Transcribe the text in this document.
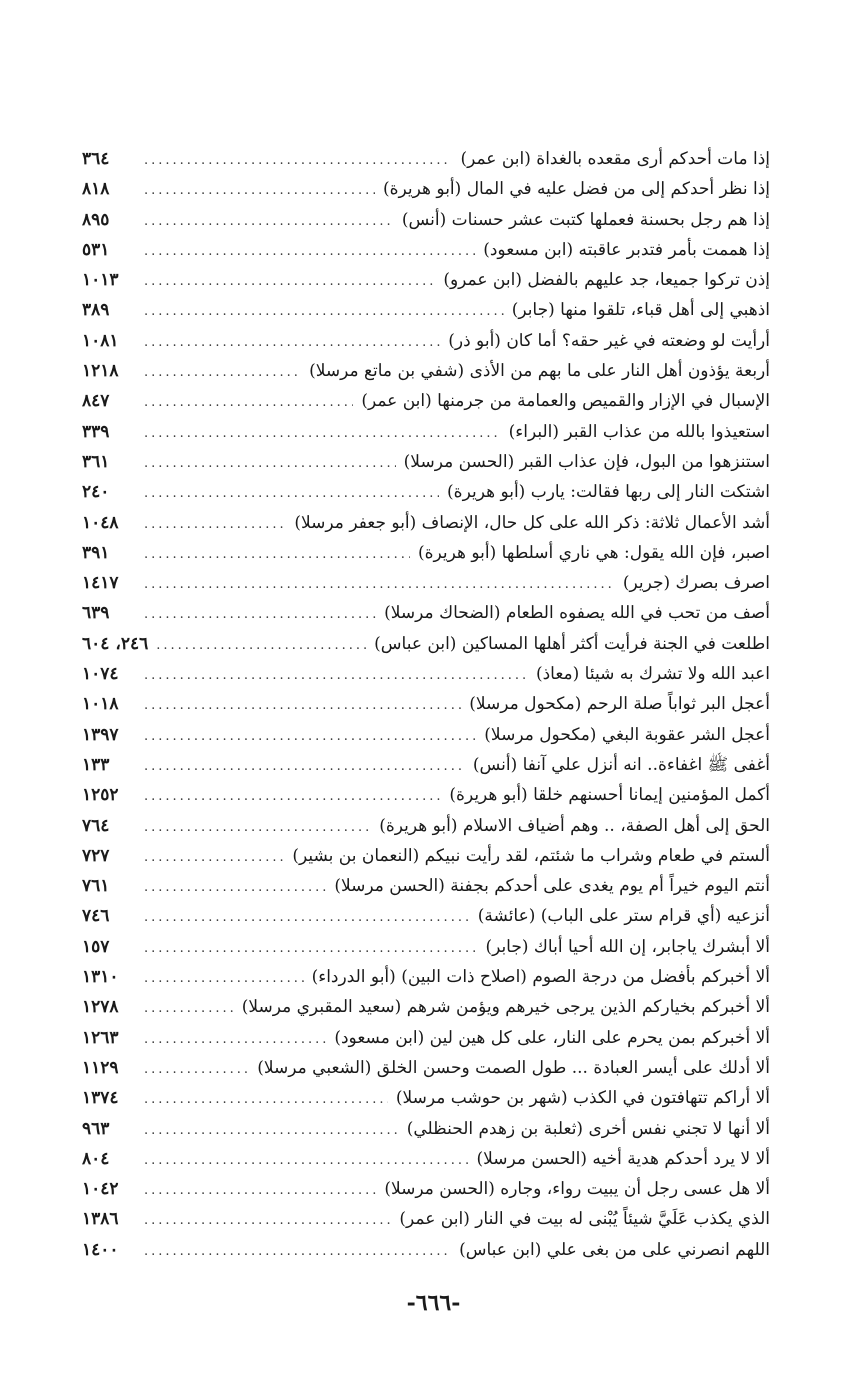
إذا مات أحدكم أرى مقعده بالغداة (ابن عمر)
.....
٣٦٤
إذا نظر أحدكم إلى من فضل عليه في المال (أبو هريرة)
.....
٨١٨
إذا هم رجل بحسنة فعملها كتبت عشر حسنات (أنس)
.....
٨٩٥
إذا هممت بأمر فتدبر عاقبته (ابن مسعود)
.....
٥٣١
إذن تركوا جميعا، جد عليهم بالفضل (ابن عمرو)
.....
١٠١٣
اذهبي إلى أهل قباء، تلقوا منها (جابر)
.....
٣٨٩
أرأيت لو وضعته في غير حقه؟ أما كان (أبو ذر)
.....
١٠٨١
أربعة يؤذون أهل النار على ما بهم من الأذى (شفي بن ماتع مرسلا)
.....
١٢١٨
الإسبال في الإزار والقميص والعمامة من جرمنها (ابن عمر)
.....
٨٤٧
استعيذوا بالله من عذاب القبر (البراء)
.....
٣٣٩
استنزهوا من البول، فإن عذاب القبر (الحسن مرسلا)
.....
٣٦١
اشتكت النار إلى ربها فقالت: يارب (أبو هريرة)
.....
٢٤٠
أشد الأعمال ثلاثة: ذكر الله على كل حال، الإنصاف (أبو جعفر مرسلا)
.....
١٠٤٨
اصبر، فإن الله يقول: هي ناري أسلطها (أبو هريرة)
.....
٣٩١
اصرف بصرك (جرير)
.....
١٤١٧
أصف من تحب في الله يصفوه الطعام (الضحاك مرسلا)
.....
٦٣٩
اطلعت في الجنة فرأيت أكثر أهلها المساكين (ابن عباس)
.....
٢٤٦، ٦٠٤
اعبد الله ولا تشرك به شيئا (معاذ)
.....
١٠٧٤
أعجل البر ثواباً صلة الرحم (مكحول مرسلا)
.....
١٠١٨
أعجل الشر عقوبة البغي (مكحول مرسلا)
.....
١٣٩٧
أغفى ﷺ اغفاءة.. انه أنزل علي آنفا (أنس)
.....
١٣٣
أكمل المؤمنين إيمانا أحسنهم خلقا (أبو هريرة)
.....
١٢٥٢
الحق إلى أهل الصفة، .. وهم أضياف الاسلام (أبو هريرة)
.....
٧٦٤
ألستم في طعام وشراب ما شئتم، لقد رأيت نبيكم (النعمان بن بشير)
.....
٧٢٧
أنتم اليوم خيراً أم يوم يغدى على أحدكم بجفنة (الحسن مرسلا)
.....
٧٦١
أنزعيه (أي قرام ستر على الباب) (عائشة)
.....
٧٤٦
ألا أبشرك ياجابر، إن الله أحيا أباك (جابر)
.....
١٥٧
ألا أخبركم بأفضل من درجة الصوم (اصلاح ذات البين) (أبو الدرداء)
.....
١٣١٠
ألا أخبركم بخياركم الذين يرجى خيرهم ويؤمن شرهم (سعيد المقبري مرسلا)
.....
١٢٧٨
ألا أخبركم بمن يحرم على النار، على كل هين لين (ابن مسعود)
.....
١٢٦٣
ألا أدلك على أيسر العبادة ... طول الصمت وحسن الخلق (الشعبي مرسلا)
.....
١١٢٩
ألا أراكم تتهافتون في الكذب (شهر بن حوشب مرسلا)
.....
١٣٧٤
ألا أنها لا تجني نفس أخرى (ثعلبة بن زهدم الحنظلي)
.....
٩٦٣
ألا لا يرد أحدكم هدية أخيه (الحسن مرسلا)
.....
٨٠٤
ألا هل عسى رجل أن يبيت رواء، وجاره (الحسن مرسلا)
.....
١٠٤٢
الذي يكذب عَلَيَّ شيئاً يُبْنى له بيت في النار (ابن عمر)
.....
١٣٨٦
اللهم انصرني على من بغى علي (ابن عباس)
.....
١٤٠٠
-٦٦٦-
